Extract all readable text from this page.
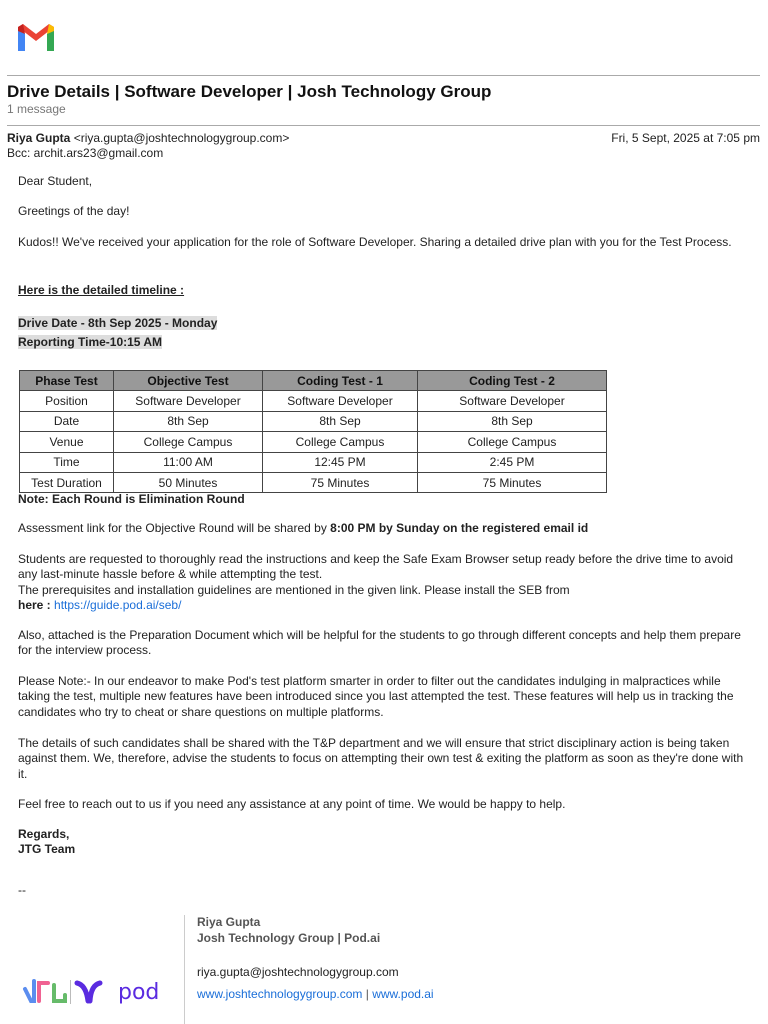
Drive Details | Software Developer | Josh Technology Group
1 message
Riya Gupta <riya.gupta@joshtechnologygroup.com>	Fri, 5 Sept, 2025 at 7:05 pm
Bcc: archit.ars23@gmail.com
Dear Student,
Greetings of the day!
Kudos!! We've received your application for the role of Software Developer. Sharing a detailed drive plan with you for the Test Process.
Here is the detailed timeline :
Drive Date - 8th Sep 2025 - Monday
Reporting Time-10:15 AM
Phase Test	Objective Test	Coding Test - 1	Coding Test - 2
Position	Software Developer	Software Developer	Software Developer
Date	8th Sep	8th Sep	8th Sep
Venue	College Campus	College Campus	College Campus
Time	11:00 AM	12:45 PM	2:45 PM
Test Duration	50 Minutes	75 Minutes	75 Minutes
Note: Each Round is Elimination Round
Assessment link for the Objective Round will be shared by 8:00 PM by Sunday on the registered email id
Students are requested to thoroughly read the instructions and keep the Safe Exam Browser setup ready before the drive time to avoid any last-minute hassle before & while attempting the test.
The prerequisites and installation guidelines are mentioned in the given link. Please install the SEB from
here : https://guide.pod.ai/seb/
Also, attached is the Preparation Document which will be helpful for the students to go through different concepts and help them prepare for the interview process.
Please Note:- In our endeavor to make Pod's test platform smarter in order to filter out the candidates indulging in malpractices while taking the test, multiple new features have been introduced since you last attempted the test. These features will help us in tracking the candidates who try to cheat or share questions on multiple platforms.
The details of such candidates shall be shared with the T&P department and we will ensure that strict disciplinary action is being taken against them. We, therefore, advise the students to focus on attempting their own test & exiting the platform as soon as they're done with it.
Feel free to reach out to us if you need any assistance at any point of time. We would be happy to help.
Regards,
JTG Team
--
pod
Riya Gupta
Josh Technology Group | Pod.ai
riya.gupta@joshtechnologygroup.com
www.joshtechnologygroup.com | www.pod.ai
